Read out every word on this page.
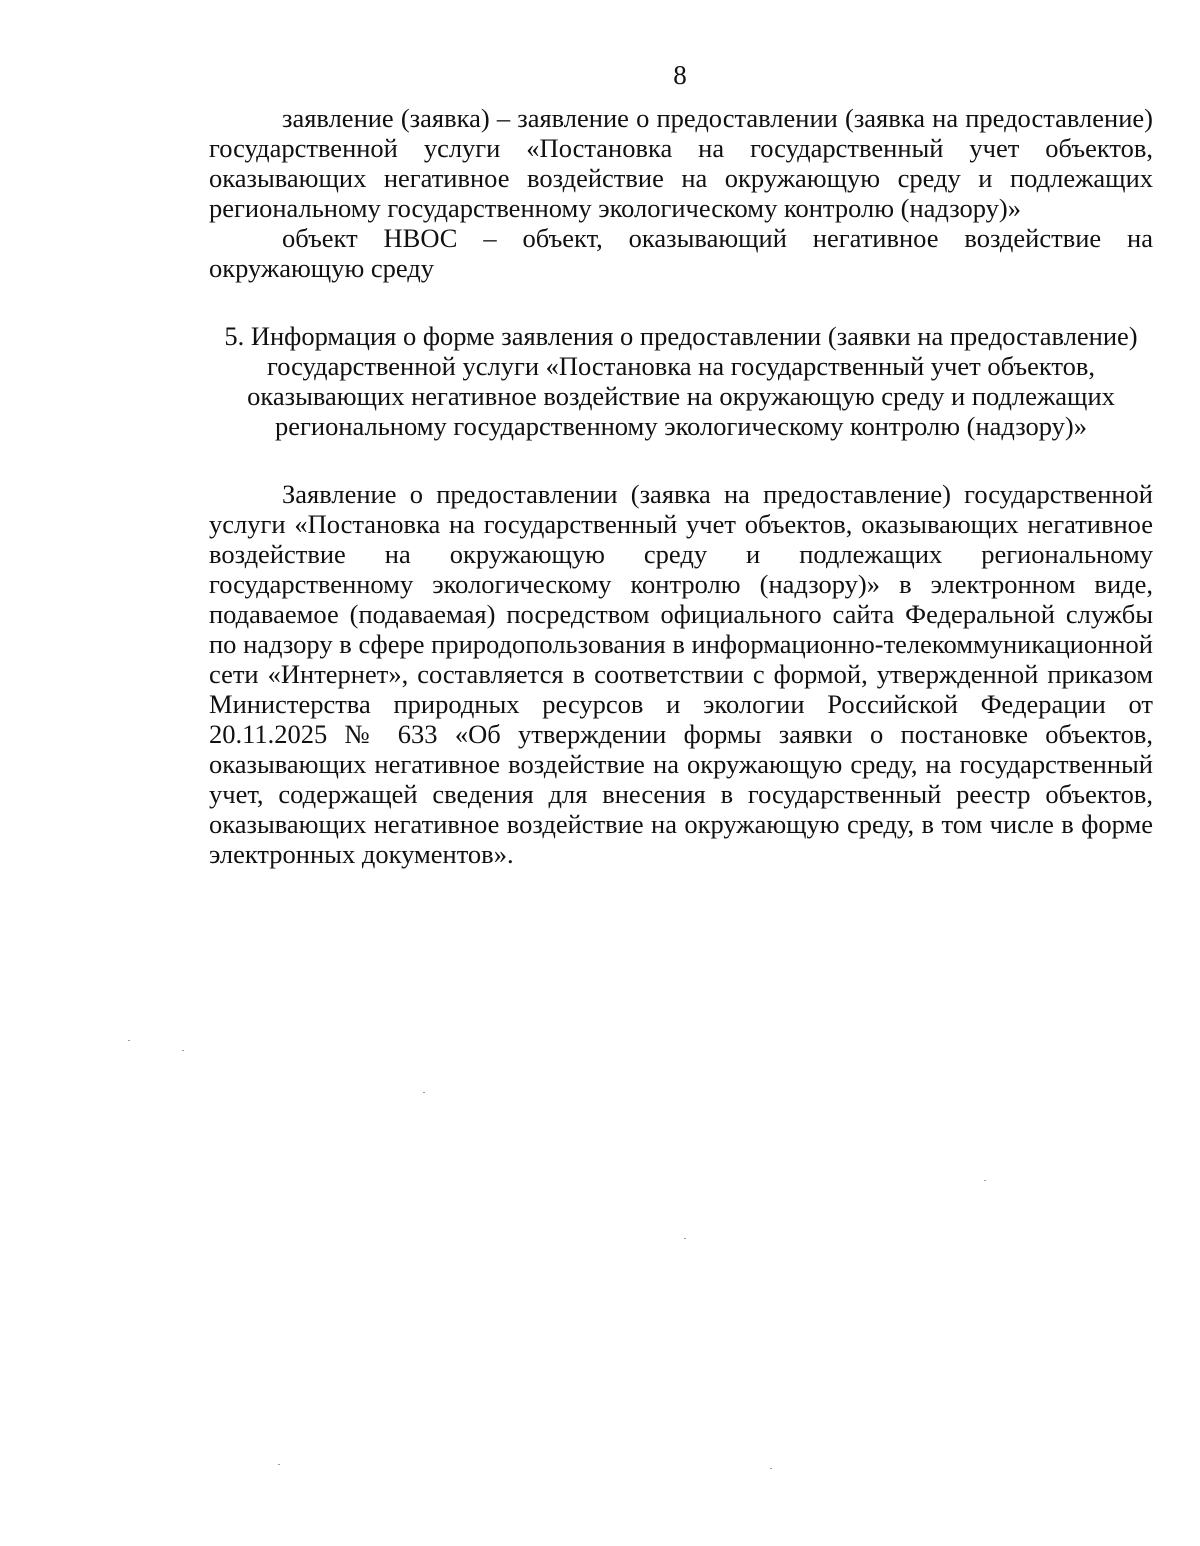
8

заявление (заявка) – заявление о предоставлении (заявка на предоставление) государственной услуги «Постановка на государственный учет объектов, оказывающих негативное воздействие на окружающую среду и подлежащих региональному государственному экологическому контролю (надзору)»

объект НВОС – объект, оказывающий негативное воздействие на окружающую среду

5. Информация о форме заявления о предоставлении (заявки на предоставление) государственной услуги «Постановка на государственный учет объектов, оказывающих негативное воздействие на окружающую среду и подлежащих региональному государственному экологическому контролю (надзору)»

Заявление о предоставлении (заявка на предоставление) государственной услуги «Постановка на государственный учет объектов, оказывающих негативное воздействие на окружающую среду и подлежащих региональному государственному экологическому контролю (надзору)» в электронном виде, подаваемое (подаваемая) посредством официального сайта Федеральной службы по надзору в сфере природопользования в информационно-телекоммуникационной сети «Интернет», составляется в соответствии с формой, утвержденной приказом Министерства природных ресурсов и экологии Российской Федерации от 20.11.2025 № 633 «Об утверждении формы заявки о постановке объектов, оказывающих негативное воздействие на окружающую среду, на государственный учет, содержащей сведения для внесения в государственный реестр объектов, оказывающих негативное воздействие на окружающую среду, в том числе в форме электронных документов».
